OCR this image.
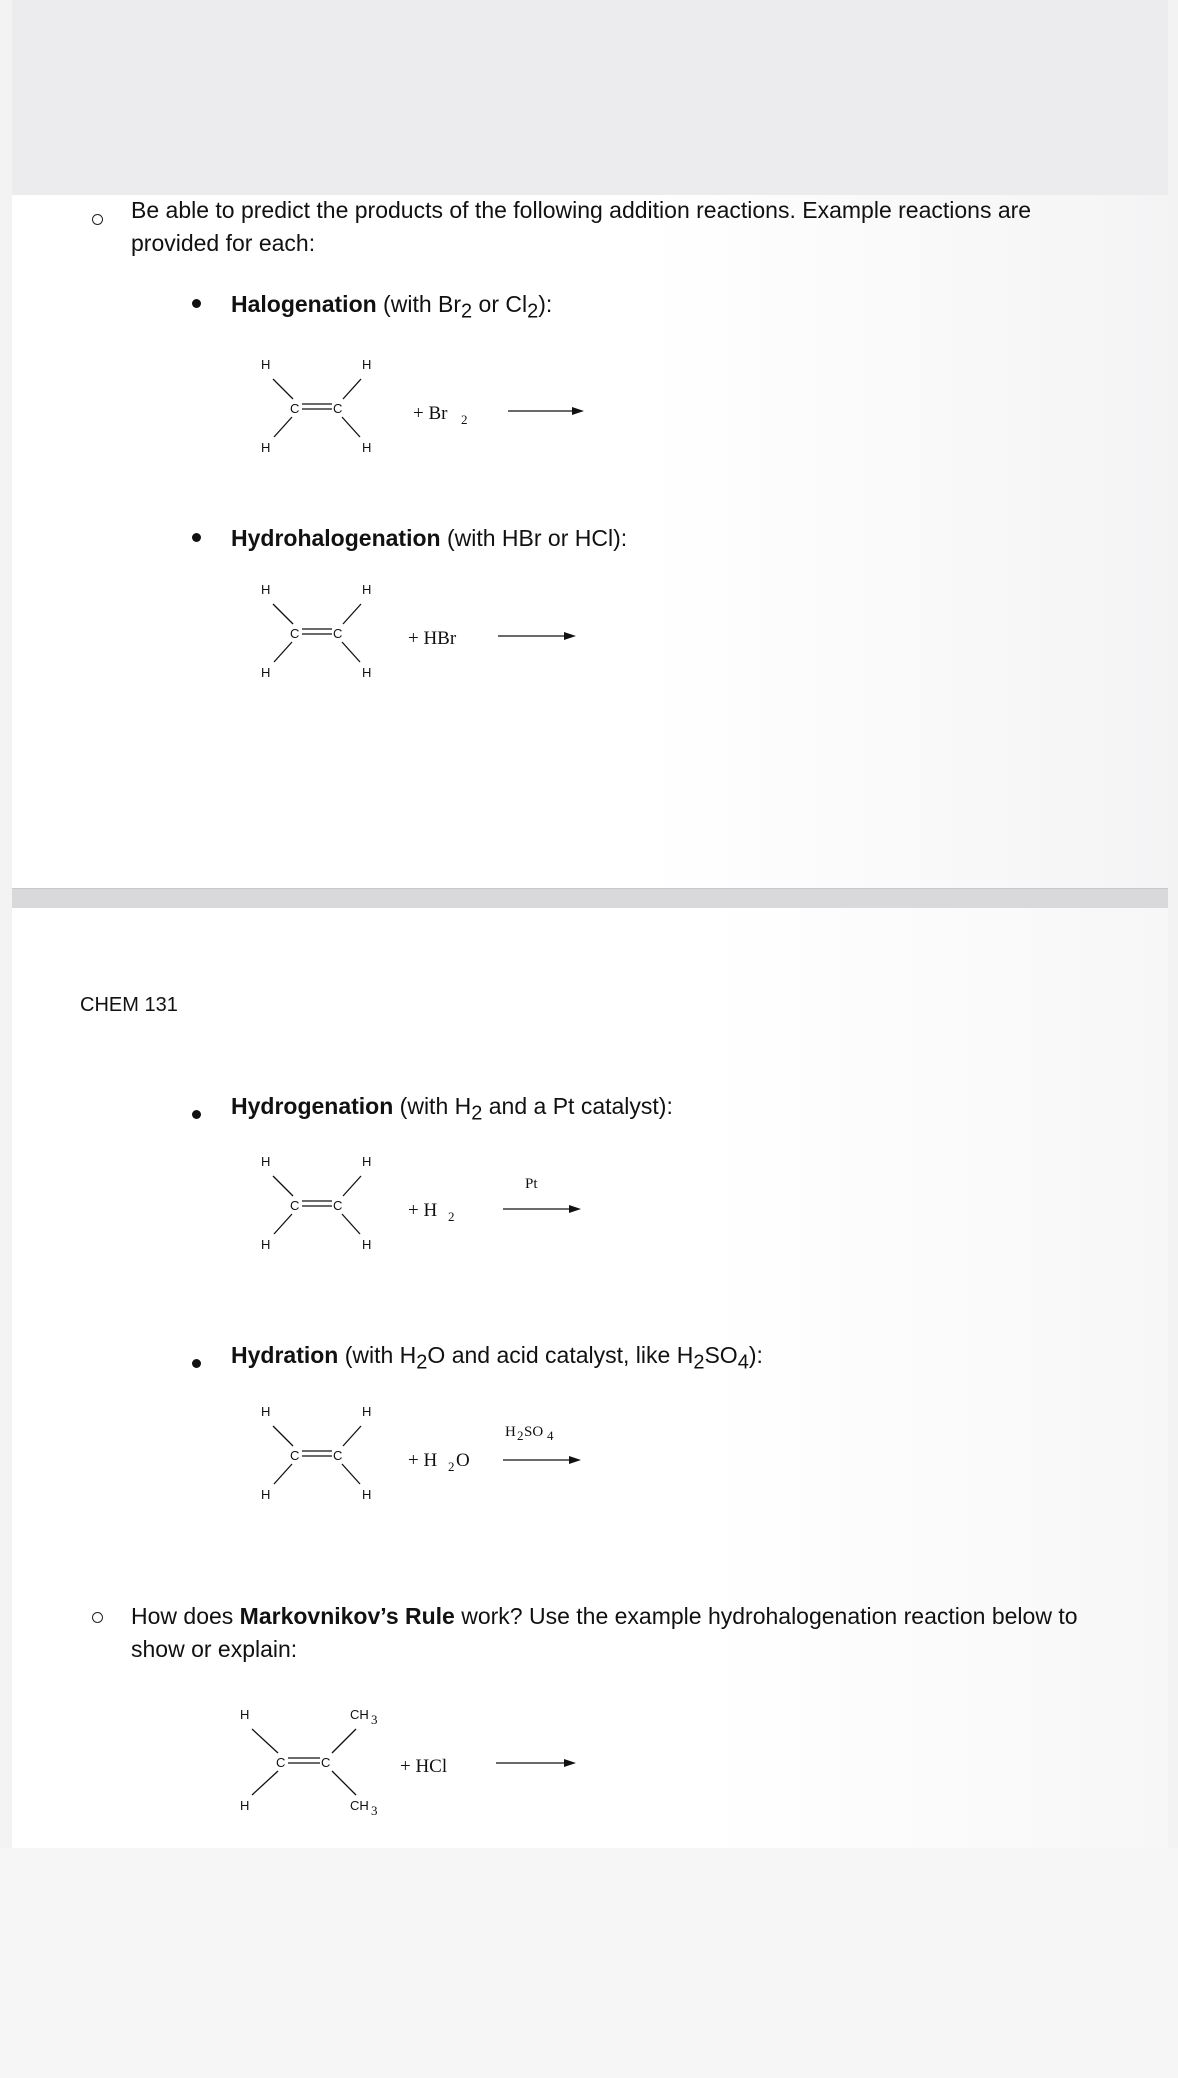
Be able to predict the products of the following addition reactions. Example reactions are
provided for each:
Halogenation (with $Br_2$ or $Cl_2$):
H	H
C	C
H	H
+ Br 2
Hydrohalogenation (with HBr or HCl):
H	H
C	C
H	H
+ HBr
CHEM 131
Hydrogenation (with $H_2$ and a Pt catalyst):
H	H
C	C
H	H
+ H 2
Pt
Hydration (with $H_2O$ and acid catalyst, like $H_2SO_4$):
H	H
C	C
H	H
+ H 2 O
H 2 SO 4
How does Markovnikov’s Rule work? Use the example hydrohalogenation reaction below to
show or explain:
H	CH 3
C	C
H	CH 3
+ HCl
